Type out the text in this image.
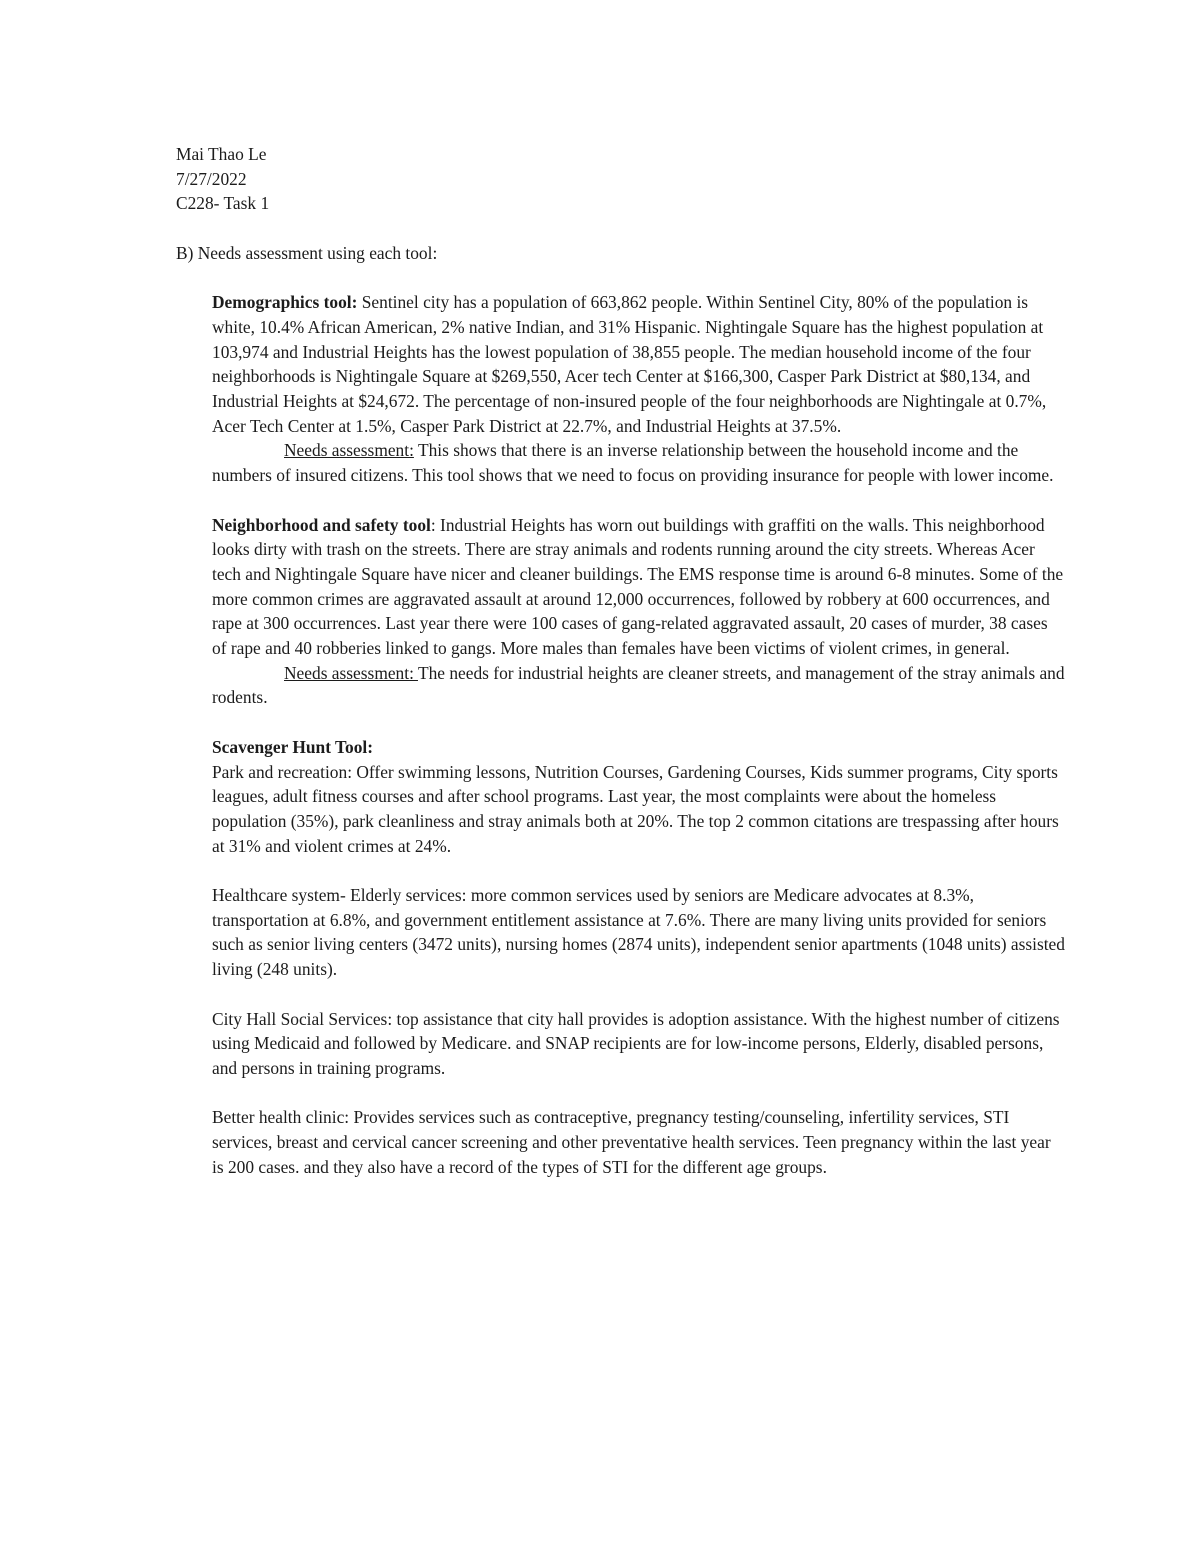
Mai Thao Le
7/27/2022
C228- Task 1

B) Needs assessment using each tool:

Demographics tool: Sentinel city has a population of 663,862 people. Within Sentinel City, 80% of the population is white, 10.4% African American, 2% native Indian, and 31% Hispanic. Nightingale Square has the highest population at 103,974 and Industrial Heights has the lowest population of 38,855 people. The median household income of the four neighborhoods is Nightingale Square at $269,550, Acer tech Center at $166,300, Casper Park District at $80,134, and Industrial Heights at $24,672. The percentage of non-insured people of the four neighborhoods are Nightingale at 0.7%, Acer Tech Center at 1.5%, Casper Park District at 22.7%, and Industrial Heights at 37.5%.

Needs assessment: This shows that there is an inverse relationship between the household income and the numbers of insured citizens. This tool shows that we need to focus on providing insurance for people with lower income.

Neighborhood and safety tool: Industrial Heights has worn out buildings with graffiti on the walls. This neighborhood looks dirty with trash on the streets. There are stray animals and rodents running around the city streets. Whereas Acer tech and Nightingale Square have nicer and cleaner buildings. The EMS response time is around 6-8 minutes. Some of the more common crimes are aggravated assault at around 12,000 occurrences, followed by robbery at 600 occurrences, and rape at 300 occurrences. Last year there were 100 cases of gang-related aggravated assault, 20 cases of murder, 38 cases of rape and 40 robberies linked to gangs. More males than females have been victims of violent crimes, in general.

Needs assessment: The needs for industrial heights are cleaner streets, and management of the stray animals and rodents.

Scavenger Hunt Tool:

Park and recreation: Offer swimming lessons, Nutrition Courses, Gardening Courses, Kids summer programs, City sports leagues, adult fitness courses and after school programs. Last year, the most complaints were about the homeless population (35%), park cleanliness and stray animals both at 20%. The top 2 common citations are trespassing after hours at 31% and violent crimes at 24%.

Healthcare system- Elderly services: more common services used by seniors are Medicare advocates at 8.3%, transportation at 6.8%, and government entitlement assistance at 7.6%. There are many living units provided for seniors such as senior living centers (3472 units), nursing homes (2874 units), independent senior apartments (1048 units) assisted living (248 units).

City Hall Social Services: top assistance that city hall provides is adoption assistance. With the highest number of citizens using Medicaid and followed by Medicare. and SNAP recipients are for low-income persons, Elderly, disabled persons, and persons in training programs.

Better health clinic: Provides services such as contraceptive, pregnancy testing/counseling, infertility services, STI services, breast and cervical cancer screening and other preventative health services. Teen pregnancy within the last year is 200 cases. and they also have a record of the types of STI for the different age groups.
